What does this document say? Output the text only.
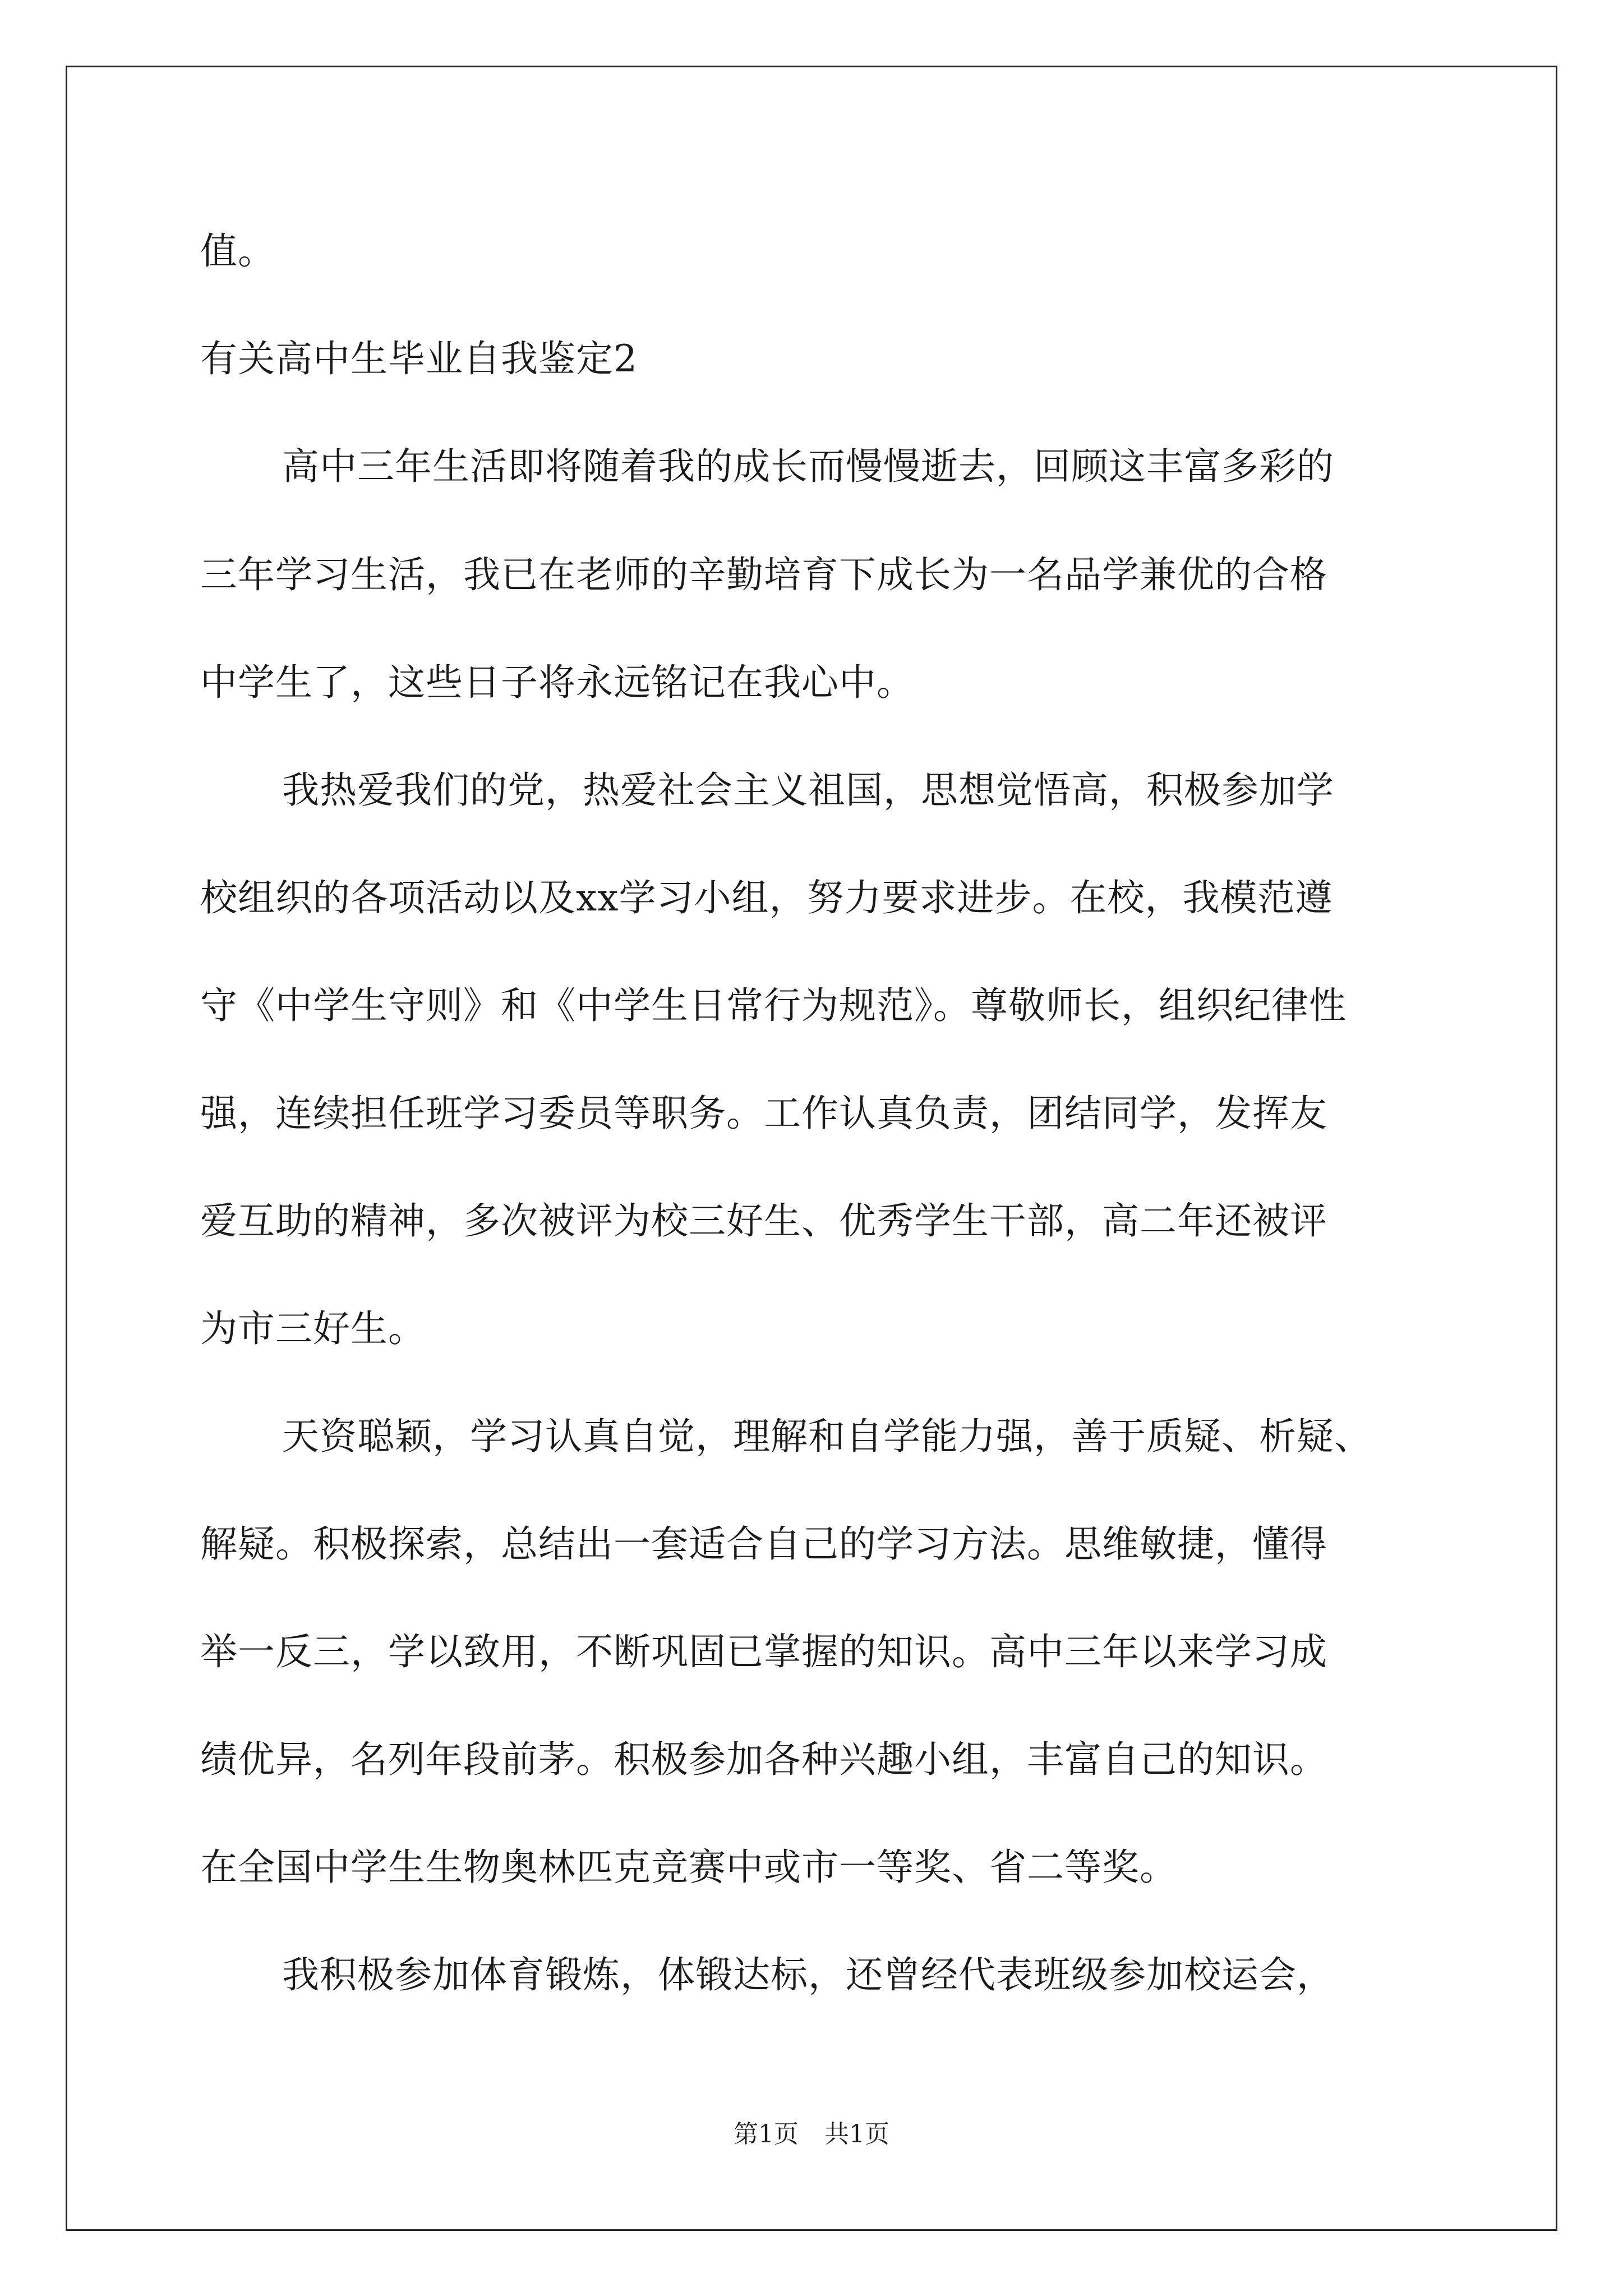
值。
有关高中生毕业自我鉴定2
高中三年生活即将随着我的成长而慢慢逝去，回顾这丰富多彩的
三年学习生活，我已在老师的辛勤培育下成长为一名品学兼优的合格
中学生了，这些日子将永远铭记在我心中。
我热爱我们的党，热爱社会主义祖国，思想觉悟高，积极参加学
校组织的各项活动以及xx学习小组，努力要求进步。在校，我模范遵
守《中学生守则》和《中学生日常行为规范》。尊敬师长，组织纪律性
强，连续担任班学习委员等职务。工作认真负责，团结同学，发挥友
爱互助的精神，多次被评为校三好生、优秀学生干部，高二年还被评
为市三好生。
天资聪颖，学习认真自觉，理解和自学能力强，善于质疑、析疑、
解疑。积极探索，总结出一套适合自己的学习方法。思维敏捷，懂得
举一反三，学以致用，不断巩固已掌握的知识。高中三年以来学习成
绩优异，名列年段前茅。积极参加各种兴趣小组，丰富自己的知识。
在全国中学生生物奥林匹克竞赛中或市一等奖、省二等奖。
我积极参加体育锻炼，体锻达标，还曾经代表班级参加校运会，
第1页 共1页
